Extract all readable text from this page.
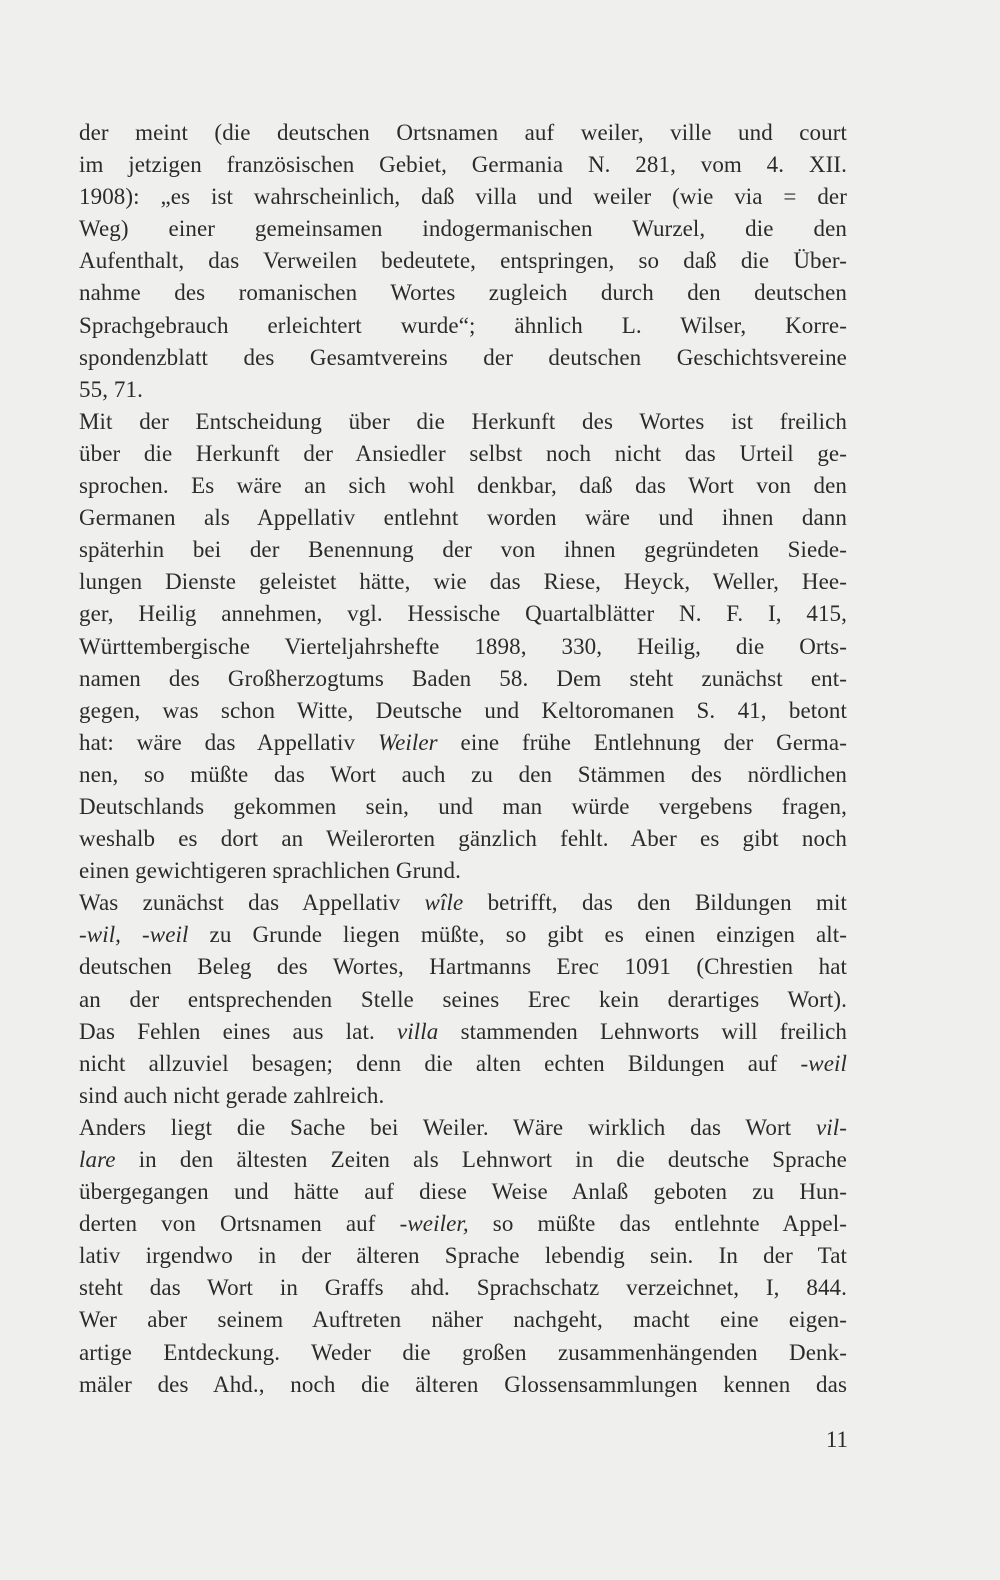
der meint (die deutschen Ortsnamen auf weiler, ville und court
im jetzigen französischen Gebiet, Germania N. 281, vom 4. XII.
1908): „es ist wahrscheinlich, daß villa und weiler (wie via = der
Weg) einer gemeinsamen indogermanischen Wurzel, die den
Aufenthalt, das Verweilen bedeutete, entspringen, so daß die Über-
nahme des romanischen Wortes zugleich durch den deutschen
Sprachgebrauch erleichtert wurde“; ähnlich L. Wilser, Korre-
spondenzblatt des Gesamtvereins der deutschen Geschichtsvereine
55, 71.
Mit der Entscheidung über die Herkunft des Wortes ist freilich
über die Herkunft der Ansiedler selbst noch nicht das Urteil ge-
sprochen. Es wäre an sich wohl denkbar, daß das Wort von den
Germanen als Appellativ entlehnt worden wäre und ihnen dann
späterhin bei der Benennung der von ihnen gegründeten Siede-
lungen Dienste geleistet hätte, wie das Riese, Heyck, Weller, Hee-
ger, Heilig annehmen, vgl. Hessische Quartalblätter N. F. I, 415,
Württembergische Vierteljahrshefte 1898, 330, Heilig, die Orts-
namen des Großherzogtums Baden 58. Dem steht zunächst ent-
gegen, was schon Witte, Deutsche und Keltoromanen S. 41, betont
hat: wäre das Appellativ Weiler eine frühe Entlehnung der Germa-
nen, so müßte das Wort auch zu den Stämmen des nördlichen
Deutschlands gekommen sein, und man würde vergebens fragen,
weshalb es dort an Weilerorten gänzlich fehlt. Aber es gibt noch
einen gewichtigeren sprachlichen Grund.
Was zunächst das Appellativ wîle betrifft, das den Bildungen mit
-wil, -weil zu Grunde liegen müßte, so gibt es einen einzigen alt-
deutschen Beleg des Wortes, Hartmanns Erec 1091 (Chrestien hat
an der entsprechenden Stelle seines Erec kein derartiges Wort).
Das Fehlen eines aus lat. villa stammenden Lehnworts will freilich
nicht allzuviel besagen; denn die alten echten Bildungen auf -weil
sind auch nicht gerade zahlreich.
Anders liegt die Sache bei Weiler. Wäre wirklich das Wort vil-
lare in den ältesten Zeiten als Lehnwort in die deutsche Sprache
übergegangen und hätte auf diese Weise Anlaß geboten zu Hun-
derten von Ortsnamen auf -weiler, so müßte das entlehnte Appel-
lativ irgendwo in der älteren Sprache lebendig sein. In der Tat
steht das Wort in Graffs ahd. Sprachschatz verzeichnet, I, 844.
Wer aber seinem Auftreten näher nachgeht, macht eine eigen-
artige Entdeckung. Weder die großen zusammenhängenden Denk-
mäler des Ahd., noch die älteren Glossensammlungen kennen das
11
